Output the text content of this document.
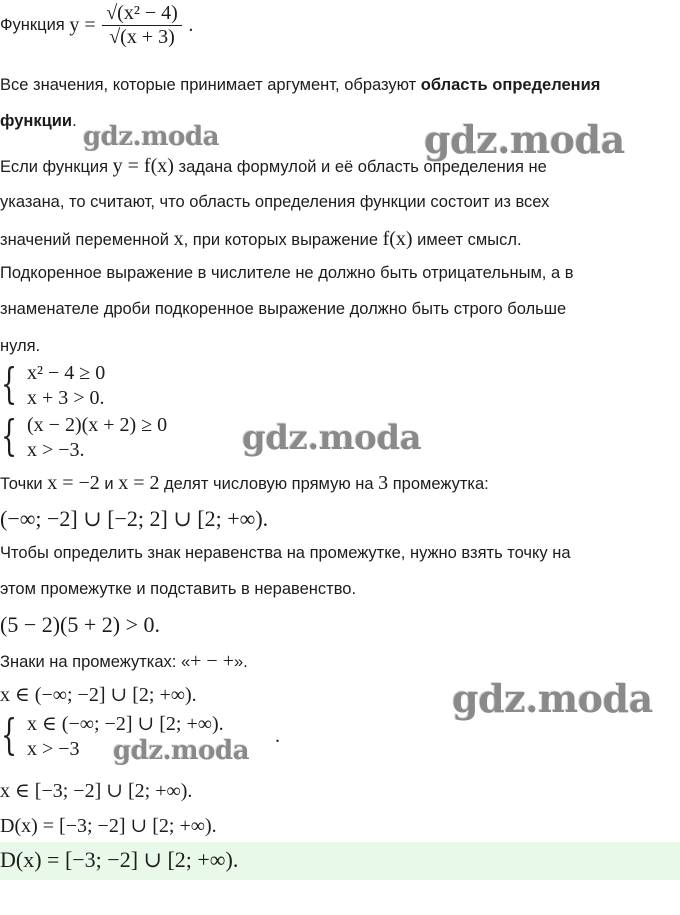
Функция $y = \frac{\text{√(x² − 4)}}{√(x + 3)}$ .
Все значения, которые принимает аргумент, образуют область определения
функции.
Если функция y = f(x) задана формулой и её область определения не
указана, то считают, что область определения функции состоит из всех
значений переменной x, при которых выражение f(x) имеет смысл.
Подкоренное выражение в числителе не должно быть отрицательным, а в
знаменателе дроби подкоренное выражение должно быть строго больше
нуля.
{ x² − 4 ≥ 0
x + 3 > 0.
{ (x − 2)(x + 2) ≥ 0
x > −3.
Точки x = −2 и x = 2 делят числовую прямую на 3 промежутка:
(−∞; −2] ∪ [−2; 2] ∪ [2; +∞).
Чтобы определить знак неравенства на промежутке, нужно взять точку на
этом промежутке и подставить в неравенство.
(5 − 2)(5 + 2) > 0.
Знаки на промежутках: «+ − +».
x ∈ (−∞; −2] ∪ [2; +∞).
{ x ∈ (−∞; −2] ∪ [2; +∞).
x > −3
.
x ∈ [−3; −2] ∪ [2; +∞).
D(x) = [−3; −2] ∪ [2; +∞).
D(x) = [−3; −2] ∪ [2; +∞).
gdz.moda	gdz.moda
gdz.moda
gdz.moda
gdz.moda
